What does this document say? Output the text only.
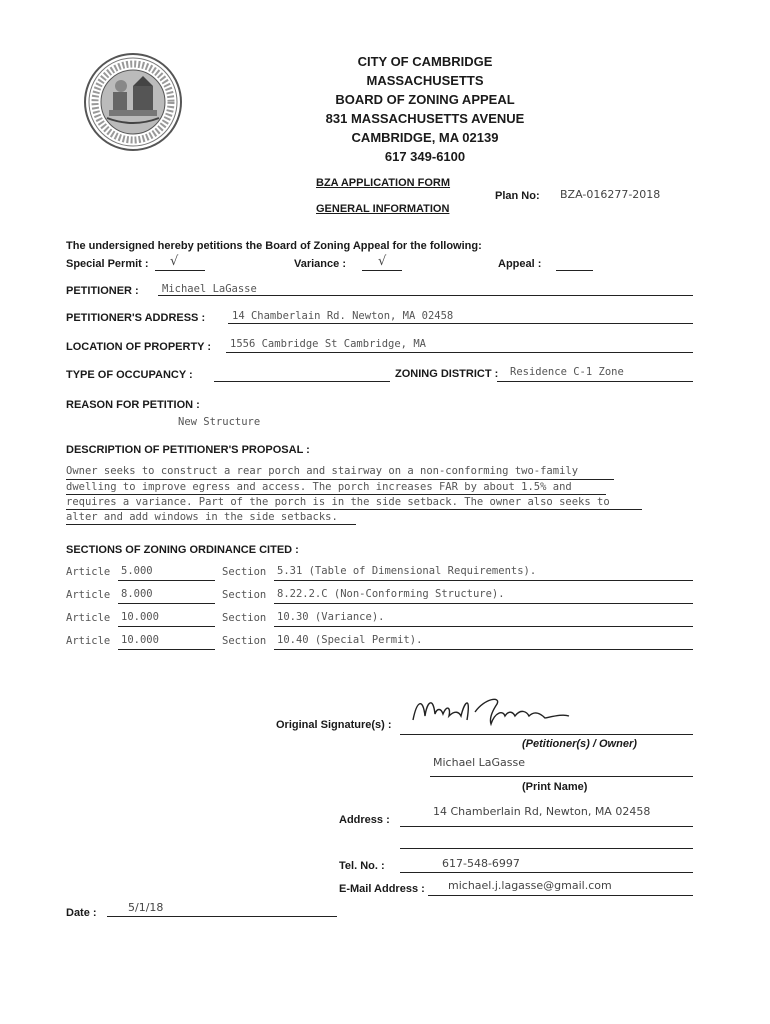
CITY OF CAMBRIDGE
MASSACHUSETTS
BOARD OF ZONING APPEAL
831 MASSACHUSETTS AVENUE
CAMBRIDGE, MA 02139
617 349-6100
BZA APPLICATION FORM
GENERAL INFORMATION
Plan No: BZA-016277-2018
The undersigned hereby petitions the Board of Zoning Appeal for the following:
Special Permit : √	Variance : √	Appeal :
PETITIONER : Michael LaGasse
PETITIONER'S ADDRESS :	14 Chamberlain Rd. Newton, MA 02458
LOCATION OF PROPERTY : 1556 Cambridge St Cambridge, MA
TYPE OF OCCUPANCY :	ZONING DISTRICT : Residence C-1 Zone
REASON FOR PETITION :
New Structure
DESCRIPTION OF PETITIONER'S PROPOSAL :
Owner seeks to construct a rear porch and stairway on a non-conforming two-family
dwelling to improve egress and access. The porch increases FAR by about 1.5% and
requires a variance. Part of the porch is in the side setback. The owner also seeks to
alter and add windows in the side setbacks.
SECTIONS OF ZONING ORDINANCE CITED :
Article 5.000	Section 5.31 (Table of Dimensional Requirements).
Article 8.000	Section 8.22.2.C (Non-Conforming Structure).
Article 10.000	Section 10.30 (Variance).
Article 10.000	Section 10.40 (Special Permit).
Original Signature(s) :
(Petitioner(s) / Owner)
Michael LaGasse
(Print Name)
14 Chamberlain Rd, Newton, MA 02458
Address :
Tel. No. :	617-548-6997
E-Mail Address : michael.j.lagasse@gmail.com
Date :	5/1/18
